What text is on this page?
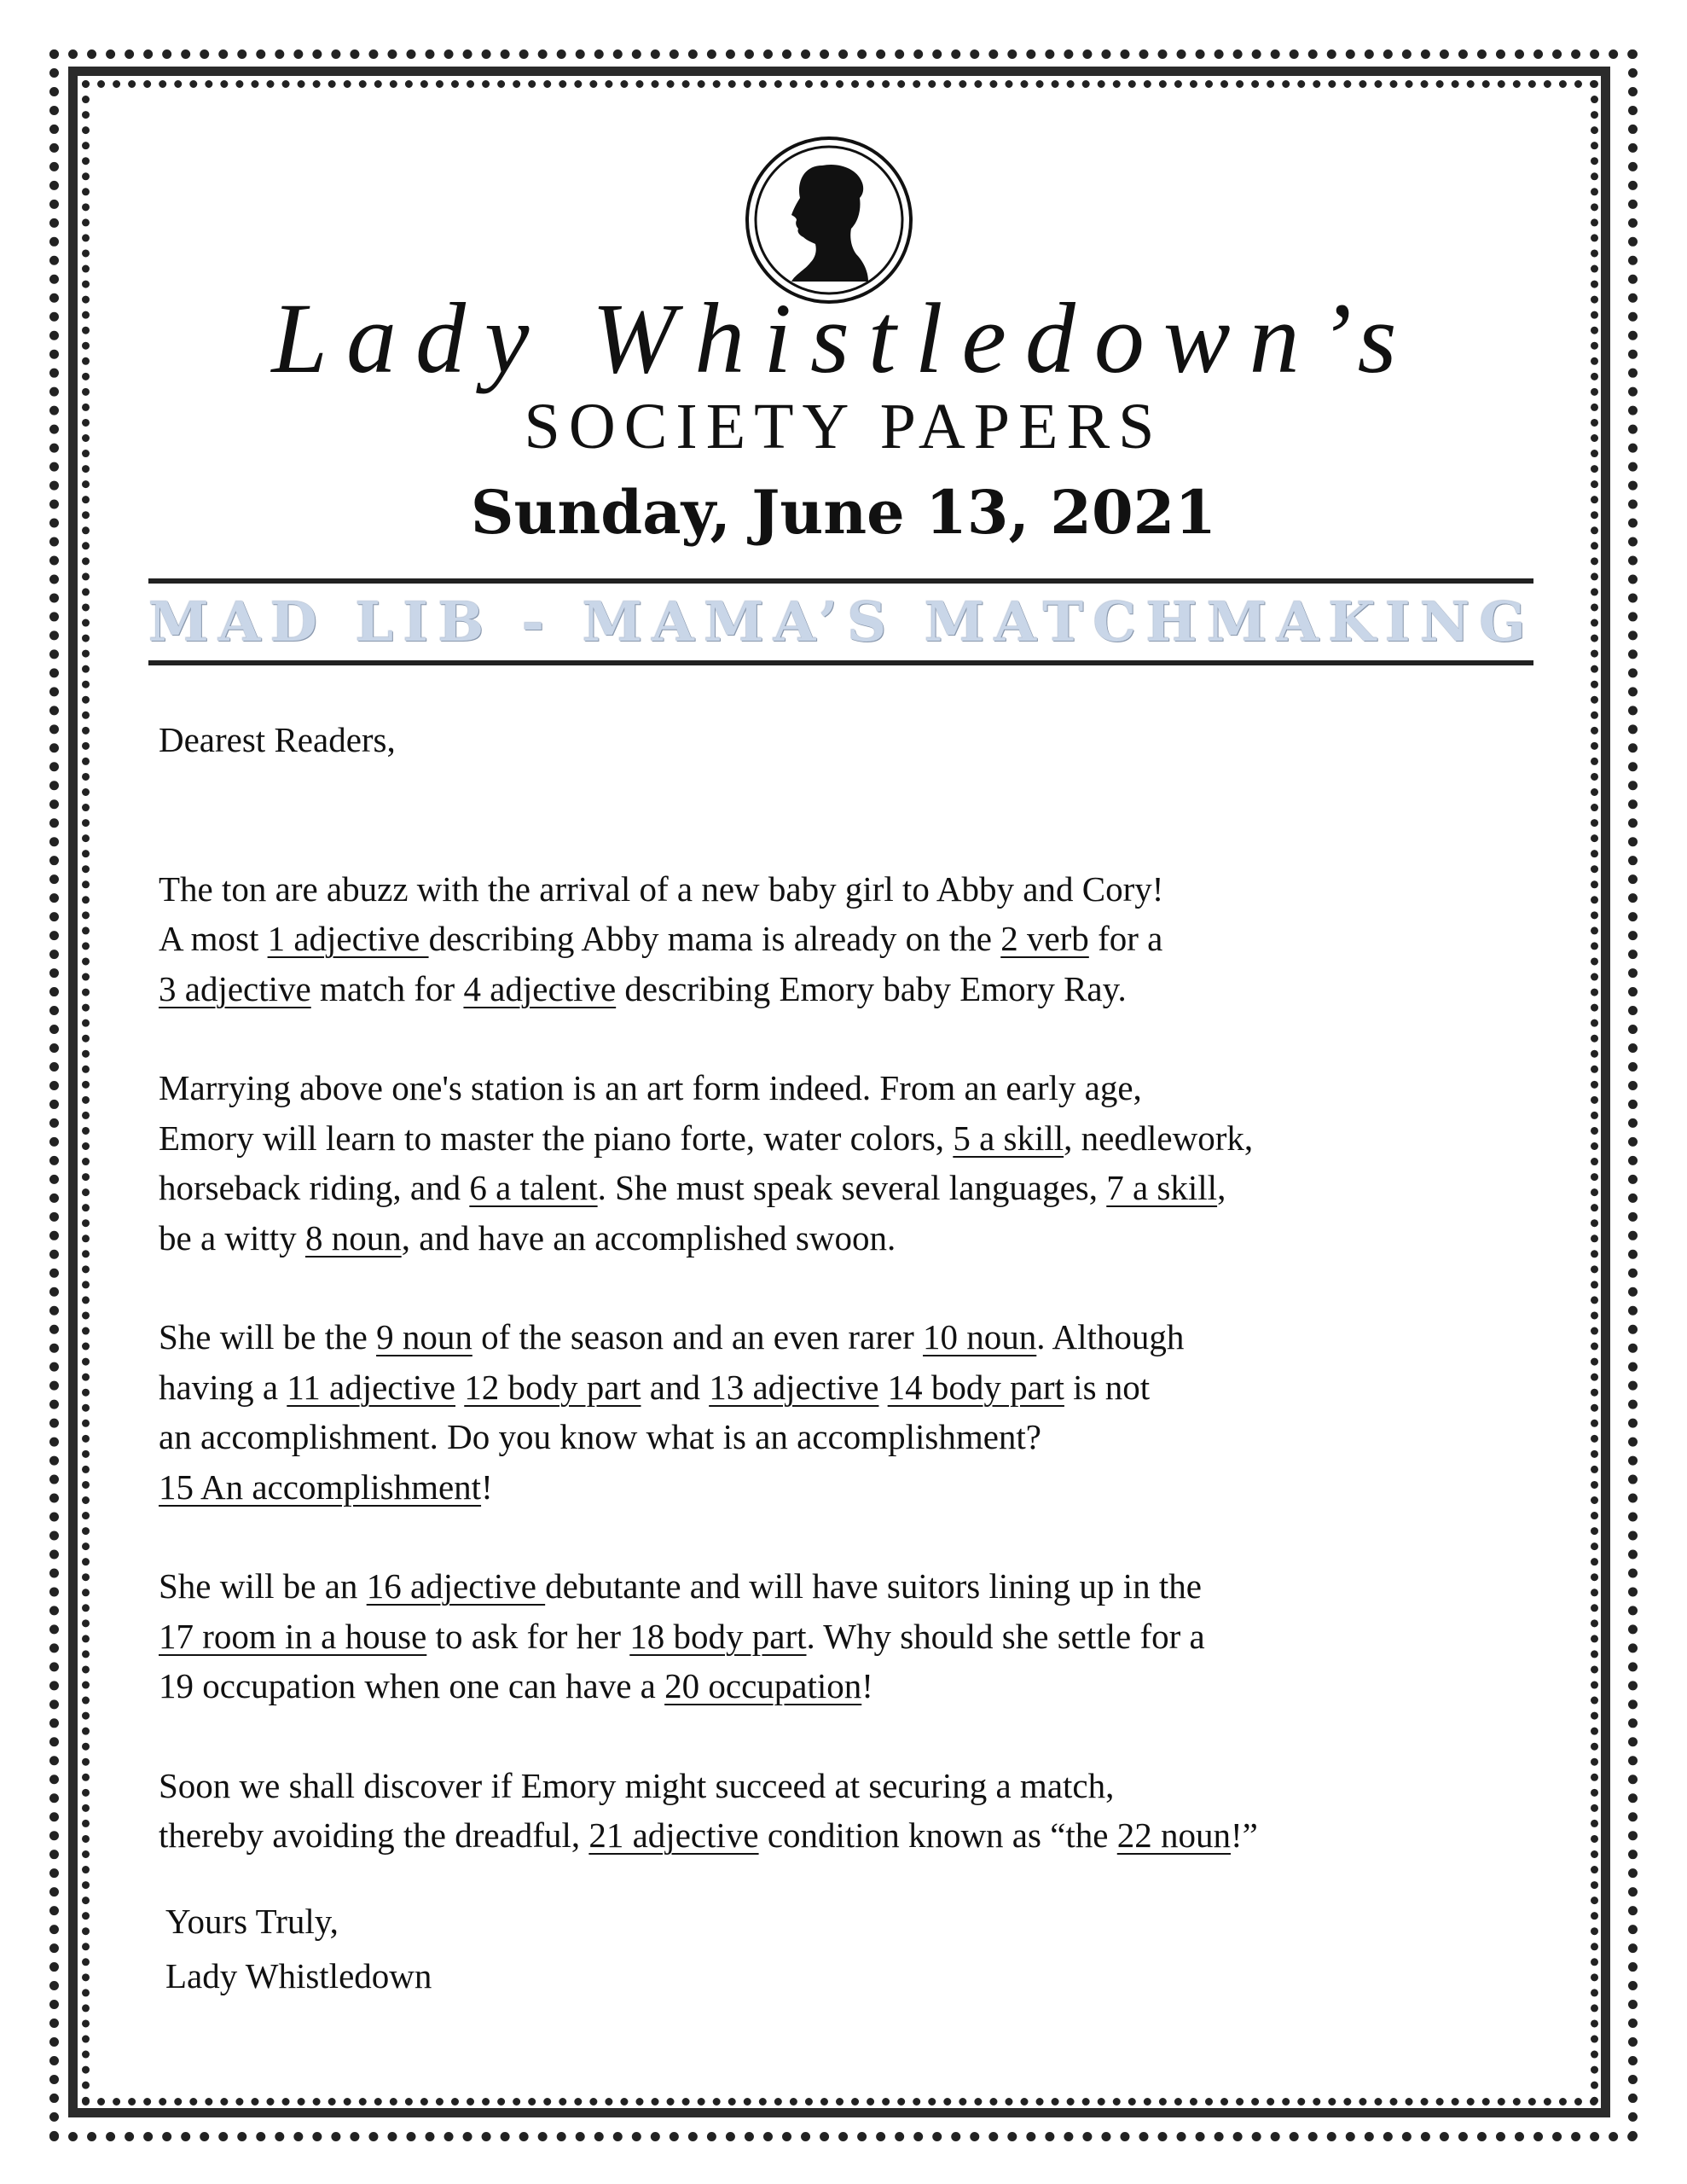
Lady Whistledown’s
SOCIETY PAPERS
Sunday, June 13, 2021
MAD LIB - MAMA’S MATCHMAKING

Dearest Readers,

The ton are abuzz with the arrival of a new baby girl to Abby and Cory!
A most 1 adjective describing Abby mama is already on the 2 verb for a
3 adjective match for 4 adjective describing Emory baby Emory Ray.

Marrying above one's station is an art form indeed. From an early age,
Emory will learn to master the piano forte, water colors, 5 a skill, needlework,
horseback riding, and 6 a talent. She must speak several languages, 7 a skill,
be a witty 8 noun, and have an accomplished swoon.

She will be the 9 noun of the season and an even rarer 10 noun. Although
having a 11 adjective 12 body part and 13 adjective 14 body part is not
an accomplishment. Do you know what is an accomplishment?
15 An accomplishment!

She will be an 16 adjective debutante and will have suitors lining up in the
17 room in a house to ask for her 18 body part. Why should she settle for a
19 occupation when one can have a 20 occupation!

Soon we shall discover if Emory might succeed at securing a match,
thereby avoiding the dreadful, 21 adjective condition known as “the 22 noun!”

Yours Truly,
Lady Whistledown
